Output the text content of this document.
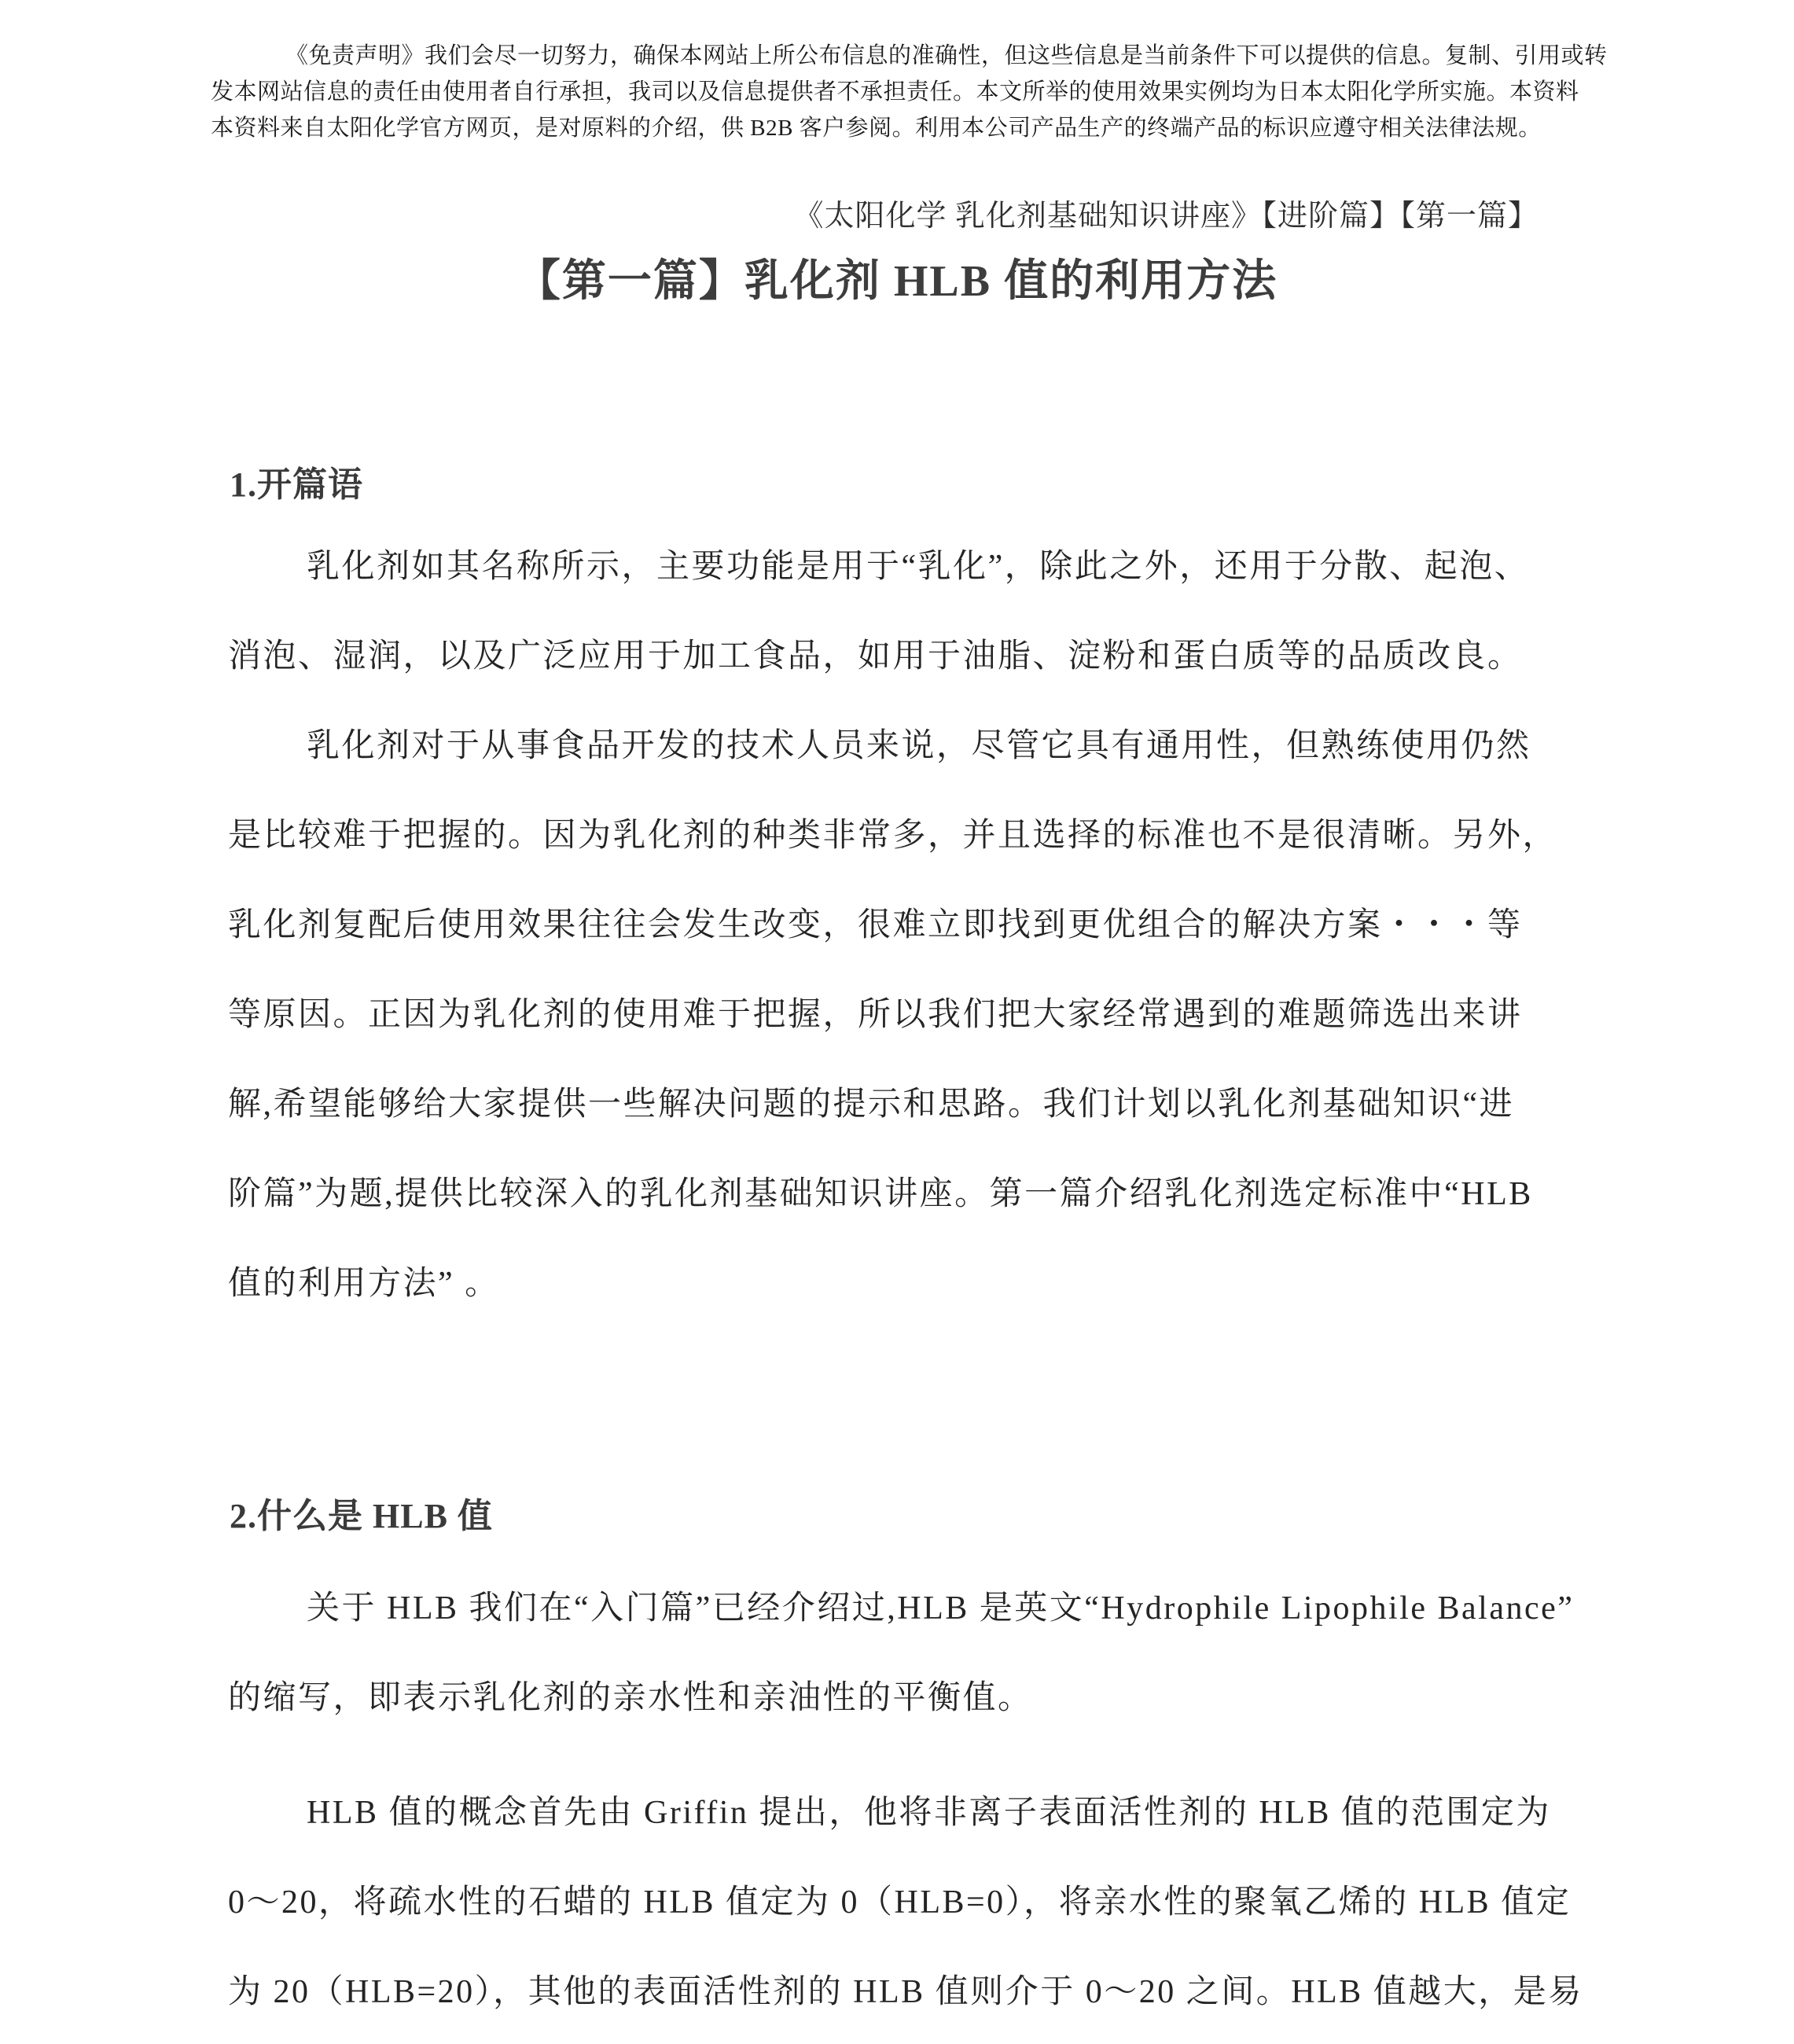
《免责声明》我们会尽一切努力，确保本网站上所公布信息的准确性，但这些信息是当前条件下可以提供的信息。复制、引用或转
发本网站信息的责任由使用者自行承担，我司以及信息提供者不承担责任。本文所举的使用效果实例均为日本太阳化学所实施。本资料
本资料来自太阳化学官方网页，是对原料的介绍，供 B2B 客户参阅。利用本公司产品生产的终端产品的标识应遵守相关法律法规。
《太阳化学 乳化剂基础知识讲座》【进阶篇】【第一篇】
【第一篇】乳化剂 HLB 值的利用方法
1.开篇语
乳化剂如其名称所示，主要功能是用于“乳化”，除此之外，还用于分散、起泡、
消泡、湿润，以及广泛应用于加工食品，如用于油脂、淀粉和蛋白质等的品质改良。
乳化剂对于从事食品开发的技术人员来说，尽管它具有通用性，但熟练使用仍然
是比较难于把握的。因为乳化剂的种类非常多，并且选择的标准也不是很清晰。另外，
乳化剂复配后使用效果往往会发生改变，很难立即找到更优组合的解决方案・・・等
等原因。正因为乳化剂的使用难于把握，所以我们把大家经常遇到的难题筛选出来讲
解,希望能够给大家提供一些解决问题的提示和思路。我们计划以乳化剂基础知识“进
阶篇”为题,提供比较深入的乳化剂基础知识讲座。第一篇介绍乳化剂选定标准中“HLB
值的利用方法” 。
2.什么是 HLB 值
关于 HLB 我们在“入门篇”已经介绍过,HLB 是英文“Hydrophile Lipophile Balance”
的缩写，即表示乳化剂的亲水性和亲油性的平衡值。
HLB 值的概念首先由 Griffin 提出，他将非离子表面活性剂的 HLB 值的范围定为
0～20，将疏水性的石蜡的 HLB 值定为 0（HLB=0），将亲水性的聚氧乙烯的 HLB 值定
为 20（HLB=20），其他的表面活性剂的 HLB 值则介于 0～20 之间。HLB 值越大，是易
